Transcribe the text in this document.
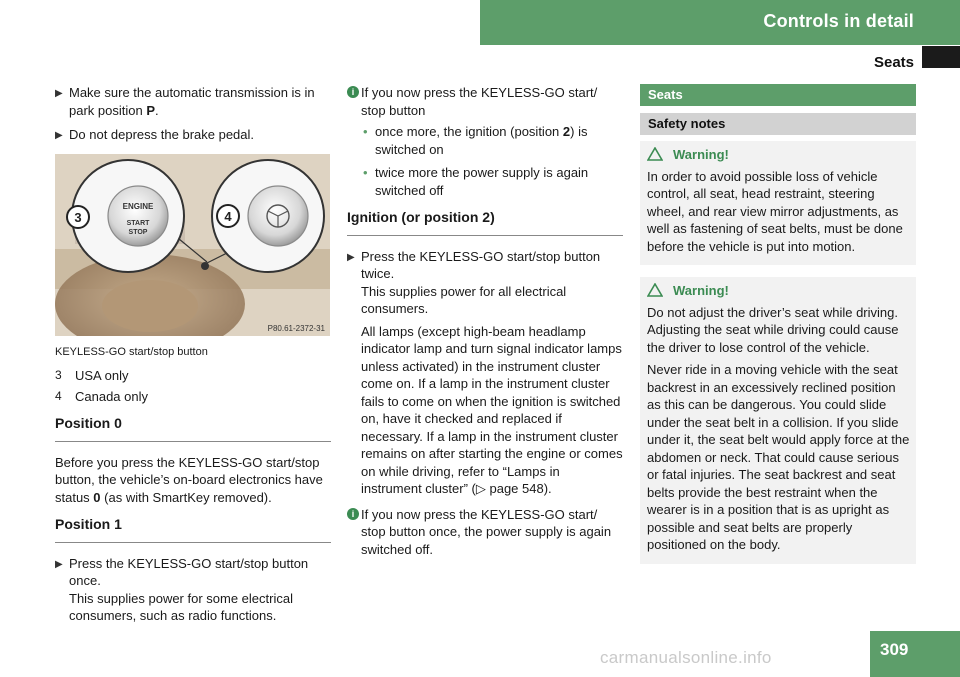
Controls in detail
Seats
▶ Make sure the automatic transmission is in park position P.
▶ Do not depress the brake pedal.
ENGINE
START
STOP
3	4
P80.61-2372-31
KEYLESS-GO start/stop button
3 USA only
4 Canada only
Position 0

Before you press the KEYLESS-GO start/stop button, the vehicle’s on-board electronics have status 0 (as with SmartKey removed).

Position 1
▶ Press the KEYLESS-GO start/stop button once.
This supplies power for some electrical consumers, such as radio functions.
i If you now press the KEYLESS-GO start/ stop button
• once more, the ignition (position 2) is switched on
• twice more the power supply is again switched off
Ignition (or position 2)
▶ Press the KEYLESS-GO start/stop button twice.
This supplies power for all electrical consumers.

All lamps (except high-beam headlamp indicator lamp and turn signal indicator lamps unless activated) in the instrument cluster come on. If a lamp in the instrument cluster fails to come on when the ignition is switched on, have it checked and replaced if necessary. If a lamp in the instrument cluster remains on after starting the engine or comes on while driving, refer to “Lamps in instrument cluster” (▷ page 548).

i If you now press the KEYLESS-GO start/ stop button once, the power supply is again switched off.
Seats
Safety notes
Warning!

In order to avoid possible loss of vehicle control, all seat, head restraint, steering wheel, and rear view mirror adjustments, as well as fastening of seat belts, must be done before the vehicle is put into motion.

Warning!

Do not adjust the driver’s seat while driving. Adjusting the seat while driving could cause the driver to lose control of the vehicle.

Never ride in a moving vehicle with the seat backrest in an excessively reclined position as this can be dangerous. You could slide under the seat belt in a collision. If you slide under it, the seat belt would apply force at the abdomen or neck. That could cause serious or fatal injuries. The seat backrest and seat belts provide the best restraint when the wearer is in a position that is as upright as possible and seat belts are properly positioned on the body.

carmanualsonline.info	309
